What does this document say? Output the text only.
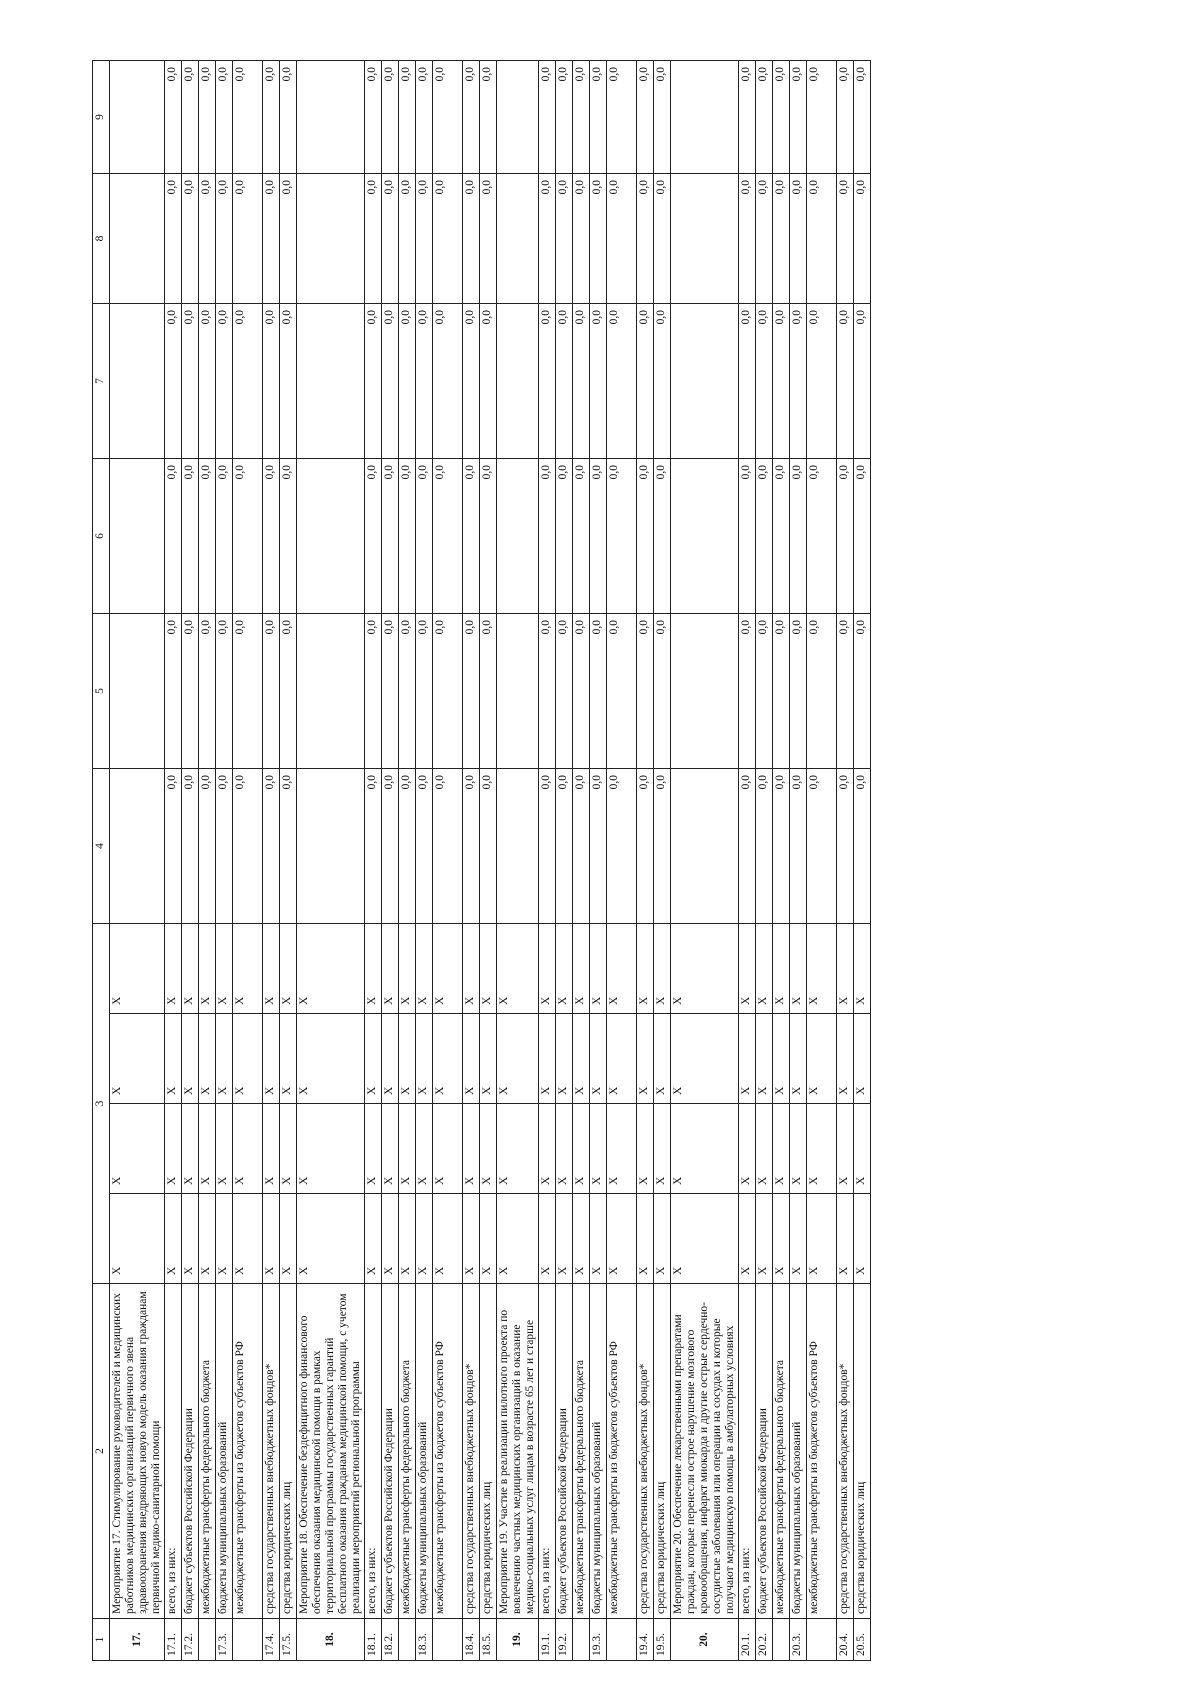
1	2	3				4	5	6	7	8	9
17.	Мероприятие 17. Стимулирование руководителей и медицинских работников медицинских организаций первичного звена здравоохранения внедряющих новую модель оказания гражданам первичной медико-санитарной помощи	Х	Х	Х	Х						
17.1.	всего, из них:	Х	Х	Х	Х	0,0	0,0	0,0	0,0	0,0	0,0
17.2.	бюджет субъектов Российской Федерации	Х	Х	Х	Х	0,0	0,0	0,0	0,0	0,0	0,0
	межбюджетные трансферты федерального бюджета	Х	Х	Х	Х	0,0	0,0	0,0	0,0	0,0	0,0
17.3.	бюджеты муниципальных образований	Х	Х	Х	Х	0,0	0,0	0,0	0,0	0,0	0,0
	межбюджетные трансферты из бюджетов субъектов РФ	Х	Х	Х	Х	0,0	0,0	0,0	0,0	0,0	0,0
17.4.	средства государственных внебюджетных фондов*	Х	Х	Х	Х	0,0	0,0	0,0	0,0	0,0	0,0
17.5.	средства юридических лиц	Х	Х	Х	Х	0,0	0,0	0,0	0,0	0,0	0,0
18.	Мероприятие 18. Обеспечение бездефицитного финансового обеспечения оказания медицинской помощи в рамках территориальной программы государственных гарантий бесплатного оказания гражданам медицинской помощи, с учетом реализации мероприятий региональной программы	Х	Х	Х	Х						
18.1.	всего, из них:	Х	Х	Х	Х	0,0	0,0	0,0	0,0	0,0	0,0
18.2.	бюджет субъектов Российской Федерации	Х	Х	Х	Х	0,0	0,0	0,0	0,0	0,0	0,0
	межбюджетные трансферты федерального бюджета	Х	Х	Х	Х	0,0	0,0	0,0	0,0	0,0	0,0
18.3.	бюджеты муниципальных образований	Х	Х	Х	Х	0,0	0,0	0,0	0,0	0,0	0,0
	межбюджетные трансферты из бюджетов субъектов РФ	Х	Х	Х	Х	0,0	0,0	0,0	0,0	0,0	0,0
18.4.	средства государственных внебюджетных фондов*	Х	Х	Х	Х	0,0	0,0	0,0	0,0	0,0	0,0
18.5.	средства юридических лиц	Х	Х	Х	Х	0,0	0,0	0,0	0,0	0,0	0,0
19.	Мероприятие 19. Участие в реализации пилотного проекта по вовлечению частных медицинских организаций в оказание медико-социальных услуг лицам в возрасте 65 лет и старше	Х	Х	Х	Х						
19.1.	всего, из них:	Х	Х	Х	Х	0,0	0,0	0,0	0,0	0,0	0,0
19.2.	бюджет субъектов Российской Федерации	Х	Х	Х	Х	0,0	0,0	0,0	0,0	0,0	0,0
	межбюджетные трансферты федерального бюджета	Х	Х	Х	Х	0,0	0,0	0,0	0,0	0,0	0,0
19.3.	бюджеты муниципальных образований	Х	Х	Х	Х	0,0	0,0	0,0	0,0	0,0	0,0
	межбюджетные трансферты из бюджетов субъектов РФ	Х	Х	Х	Х	0,0	0,0	0,0	0,0	0,0	0,0
19.4.	средства государственных внебюджетных фондов*	Х	Х	Х	Х	0,0	0,0	0,0	0,0	0,0	0,0
19.5.	средства юридических лиц	Х	Х	Х	Х	0,0	0,0	0,0	0,0	0,0	0,0
20.	Мероприятие 20. Обеспечение лекарственными препаратами граждан, которые перенесли острое нарушение мозгового кровообращения, инфаркт миокарда и другие острые сердечно-сосудистые заболевания или операции на сосудах и которые получают медицинскую помощь в амбулаторных условиях	Х	Х	Х	Х						
20.1.	всего, из них:	Х	Х	Х	Х	0,0	0,0	0,0	0,0	0,0	0,0
20.2.	бюджет субъектов Российской Федерации	Х	Х	Х	Х	0,0	0,0	0,0	0,0	0,0	0,0
	межбюджетные трансферты федерального бюджета	Х	Х	Х	Х	0,0	0,0	0,0	0,0	0,0	0,0
20.3.	бюджеты муниципальных образований	Х	Х	Х	Х	0,0	0,0	0,0	0,0	0,0	0,0
	межбюджетные трансферты из бюджетов субъектов РФ	Х	Х	Х	Х	0,0	0,0	0,0	0,0	0,0	0,0
20.4.	средства государственных внебюджетных фондов*	Х	Х	Х	Х	0,0	0,0	0,0	0,0	0,0	0,0
20.5.	средства юридических лиц	Х	Х	Х	Х	0,0	0,0	0,0	0,0	0,0	0,0
